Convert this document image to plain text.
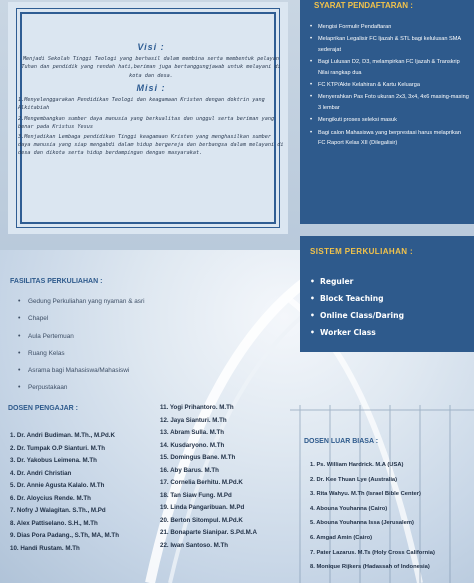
Visi :

Menjadi Sekolah Tinggi Teologi yang berhasil dalam membina serta membentuk pelayan Tuhan dan pendidik yang rendah hati,beriman juga bertanggungjawab untuk melayani di kota dan desa.

Misi :
1.Menyelenggarakan Pendidikan Teologi dan keagamaan Kristen dengan doktrin yang Alkitabiah
2.Mengembangkan sumber daya manusia yang berkualitas dan unggul serta beriman yang benar pada Kristus Yesus
3.Menjadikan Lembaga pendidikan Tinggi keagamaan Kristen yang menghasilkan sumber daya manusia yang siap mengabdi dalam hidup bergereja dan berbangsa dalam melayani di desa dan dikota serta hidup berdampingan dengan masyarakat.
SYARAT PENDAFTARAN :
• Mengisi Formulir Pendaftaran
• Melaprikan Legalisir FC Ijazah & STL bagi kelulusan SMA sederajat
• Bagi Lulusan D2, D3, melampirkan FC Ijazah & Transkrip Nilai rangkap dua
• FC KTP/Akte Kelahiran & Kartu Keluarga
• Menyerahkan Pas Foto ukuran 2x3, 3x4, 4x6 masing-masing 3 lembar
• Mengikuti proses seleksi masuk
• Bagi calon Mahasiswa yang berprestasi harus melaprikan FC Raport Kelas XII (Dilegalisir)
SISTEM PERKULIAHAN :
• Reguler
• Block Teaching
• Online Class/Daring
• Worker Class
FASILITAS PERKULIAHAN :
• Gedung Perkuliahan yang nyaman & asri
• Chapel
• Aula Pertemuan
• Ruang Kelas
• Asrama bagi Mahasiswa/Mahasiswi
• Perpustakaan
DOSEN PENGAJAR :
1. Dr. Andri Budiman. M.Th., M.Pd.K
2. Dr. Tumpak O.P Sianturi. M.Th
3. Dr. Yakobus Leimena. M.Th
4. Dr. Andri Christian
5. Dr. Annie Agusta Kalalo. M.Th
6. Dr. Aloycius Rende. M.Th
7. Nofry J Walagitan. S.Th., M.Pd
8. Alex Pattiselano. S.H., M.Th
9. Dias Pora Padang., S.Th, MA, M.Th
10. Handi Rustam. M.Th
11. Yogi Prihantoro. M.Th
12. Jaya Sianturi. M.Th
13. Abram Sulla. M.Th
14. Kusdaryono. M.Th
15. Domingus Bane. M.Th
16. Aby Barus. M.Th
17. Cornelia Berhitu. M.Pd.K
18. Tan Siaw Fung. M.Pd
19. Linda Pangaribuan. M.Pd
20. Berton Sitompul. M.Pd.K
21. Bonaparte Sianipar. S.Pd.M.A
22. Iwan Santoso. M.Th
DOSEN LUAR BIASA :
1. Ps. William Hardrick. M.A (USA)
2. Dr. Kee Thuan Lye (Australia)
3. Rita Wahyu. M.Th (Israel Bible Center)
4. Abouna Youhanna (Cairo)
5. Abouna Youhanna Issa (Jerusalem)
6. Amgad Amin (Cairo)
7. Pater Lazarus. M.Ts (Holy Cross California)
8. Monique Rijkers (Hadassah of Indonesia)
